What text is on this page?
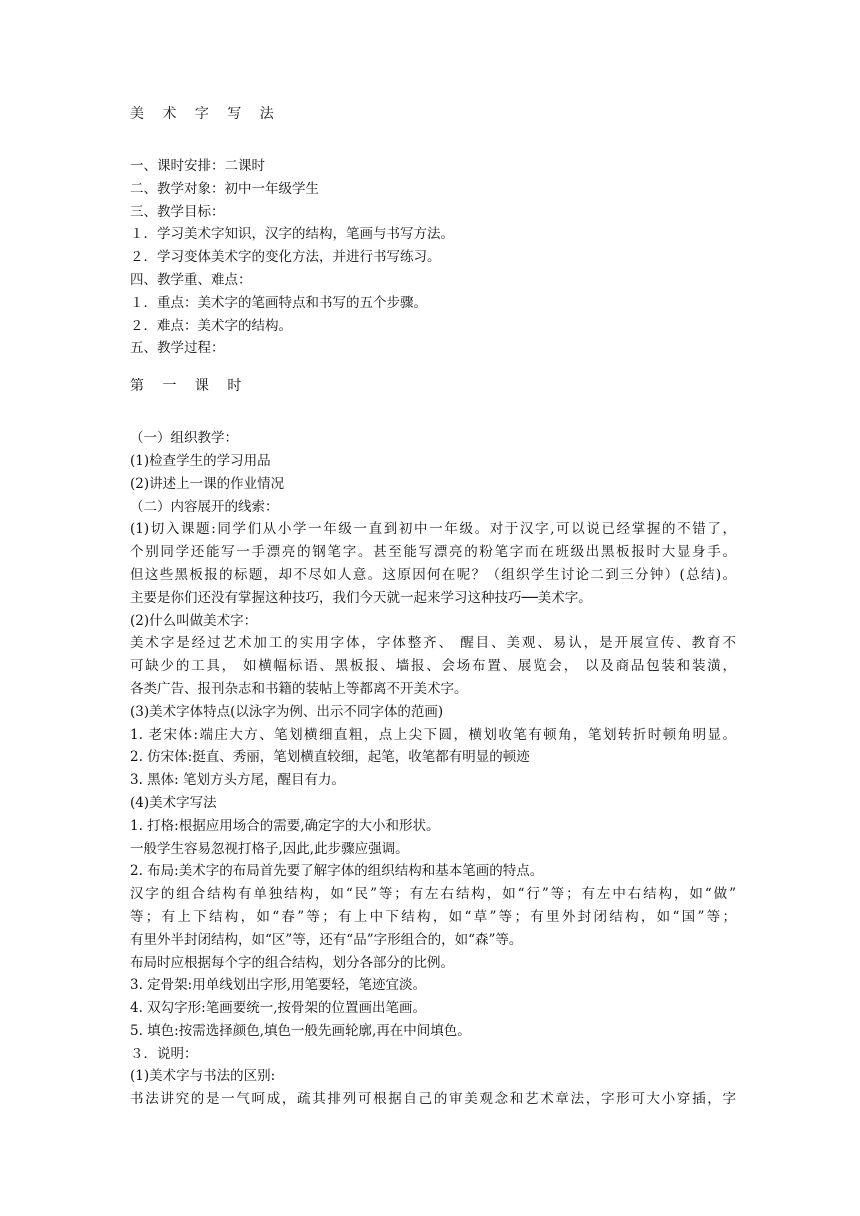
美 术 字 写 法
一、课时安排：二课时
二、教学对象：初中一年级学生
三、教学目标：
１．学习美术字知识，汉字的结构，笔画与书写方法。
２．学习变体美术字的变化方法，并进行书写练习。
四、教学重、难点：
１．重点：美术字的笔画特点和书写的五个步骤。
２．难点：美术字的结构。
五、教学过程：
第 一 课 时
（一）组织教学：
(1)检查学生的学习用品
(2)讲述上一课的作业情况
（二）内容展开的线索：
(1)切入课题:同学们从小学一年级一直到初中一年级。对于汉字,可以说已经掌握的不错了，
个别同学还能写一手漂亮的钢笔字。甚至能写漂亮的粉笔字而在班级出黑板报时大显身手。
但这些黑板报的标题，却不尽如人意。这原因何在呢？（组织学生讨论二到三分钟）(总结)。
主要是你们还没有掌握这种技巧，我们今天就一起来学习这种技巧──美术字。
(2)什么叫做美术字：
美术字是经过艺术加工的实用字体，字体整齐、 醒目、美观、易认，是开展宣传、教育不
可缺少的工具， 如横幅标语、黑板报、墙报、会场布置、展览会， 以及商品包装和装潢，
各类广告、报刊杂志和书籍的装帖上等都离不开美术字。
(3)美术字体特点(以泳字为例、出示不同字体的范画)
1. 老宋体:端庄大方、笔划横细直粗，点上尖下圆，横划收笔有顿角，笔划转折时顿角明显。
2. 仿宋体:挺直、秀丽，笔划横直较细，起笔，收笔都有明显的顿迹
3. 黑体: 笔划方头方尾，醒目有力。
(4)美术字写法
1. 打格:根据应用场合的需要,确定字的大小和形状。
一般学生容易忽视打格子,因此,此步骤应强调。
2. 布局:美术字的布局首先要了解字体的组织结构和基本笔画的特点。
汉字的组合结构有单独结构，如“民”等；有左右结构，如“行”等；有左中右结构，如“做”
等；有上下结构，如“春”等；有上中下结构，如“草”等；有里外封闭结构，如“国”等；
有里外半封闭结构，如“区”等，还有“品”字形组合的，如“森”等。
布局时应根据每个字的组合结构，划分各部分的比例。
3. 定骨架:用单线划出字形,用笔要轻，笔迹宜淡。
4. 双勾字形:笔画要统一,按骨架的位置画出笔画。
5. 填色:按需选择颜色,填色一般先画轮廓,再在中间填色。
３．说明：
(1)美术字与书法的区别:
书法讲究的是一气呵成，疏其排列可根据自己的审美观念和艺术章法，字形可大小穿插，字
